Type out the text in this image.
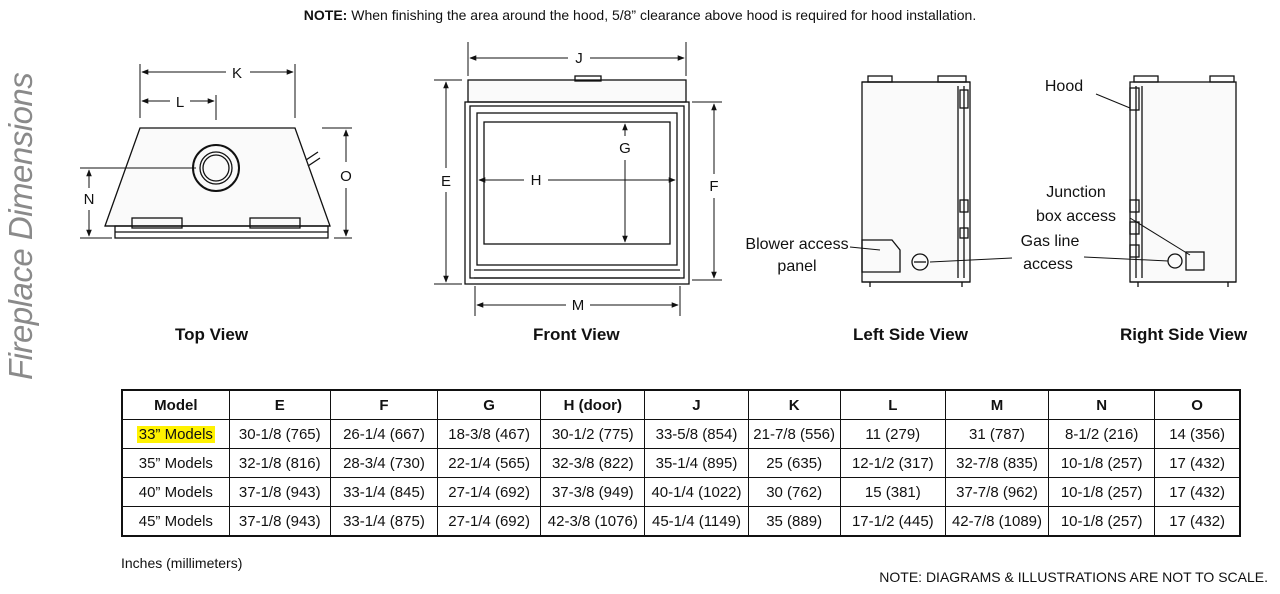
NOTE: When finishing the area around the hood, 5/8” clearance above hood is required for hood installation.
Fireplace Dimensions	K
L
O
N
J
E	H
G
F
M
Blower access
panel
Hood
Junction
box access
Gas line
access
Top View	Front View	Left Side View	Right Side View
Model	E	F	G	H (door)	J	K	L	M	N	O
33” Models	30-1/8 (765)	26-1/4 (667)	18-3/8 (467)	30-1/2 (775)	33-5/8 (854)	21-7/8 (556)	11 (279)	31 (787)	8-1/2 (216)	14 (356)
35” Models	32-1/8 (816)	28-3/4 (730)	22-1/4 (565)	32-3/8 (822)	35-1/4 (895)	25 (635)	12-1/2 (317)	32-7/8 (835)	10-1/8 (257)	17 (432)
40” Models	37-1/8 (943)	33-1/4 (845)	27-1/4 (692)	37-3/8 (949)	40-1/4 (1022)	30 (762)	15 (381)	37-7/8 (962)	10-1/8 (257)	17 (432)
45” Models	37-1/8 (943)	33-1/4 (875)	27-1/4 (692)	42-3/8 (1076)	45-1/4 (1149)	35 (889)	17-1/2 (445)	42-7/8 (1089)	10-1/8 (257)	17 (432)
Inches (millimeters)
NOTE: DIAGRAMS & ILLUSTRATIONS ARE NOT TO SCALE.
